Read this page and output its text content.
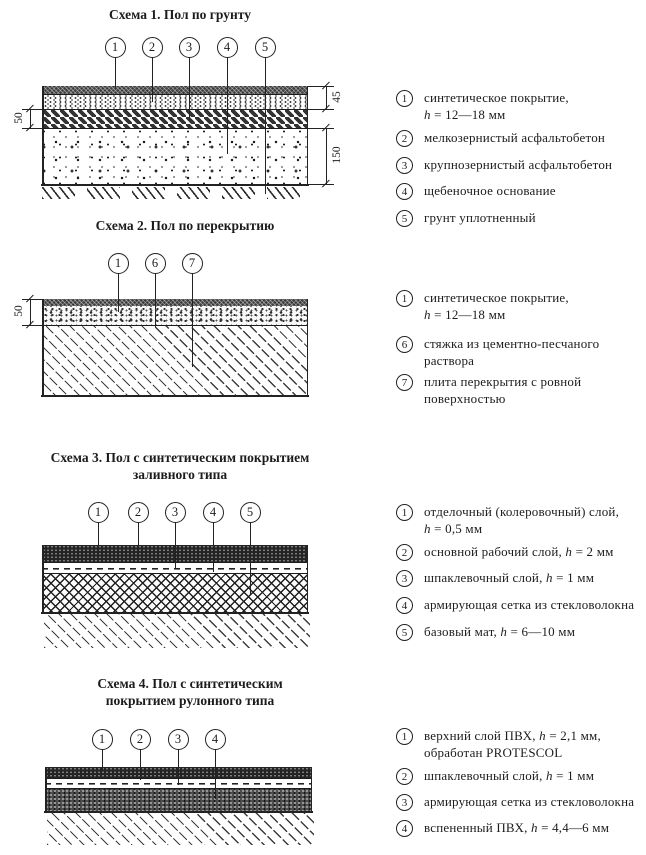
Схема 1. Пол по грунту
1	2	3	4	5
45
150
50
1	синтетическое покрытие,
h = 12—18 мм
2	мелкозернистый асфальтобетон
3	крупнозернистый асфальтобетон
4	щебеночное основание
5	грунт уплотненный
Схема 2. Пол по перекрытию
1	6	7
50
1	синтетическое покрытие,
h = 12—18 мм
6	стяжка из цементно-песчаного
раствора
7	плита перекрытия с ровной
поверхностью
Схема 3. Пол с синтетическим покрытием
заливного типа
1	2	3	4	5	1	отделочный (колеровочный) слой,
h = 0,5 мм
2	основной рабочий слой, h = 2 мм
3	шпаклевочный слой, h = 1 мм
4	армирующая сетка из стекловолокна
5	базовый мат, h = 6—10 мм
Схема 4. Пол с синтетическим
покрытием рулонного типа
1	2	3	4	1	верхний слой ПВХ, h = 2,1 мм,
обработан PROTESCOL
2	шпаклевочный слой, h = 1 мм
3	армирующая сетка из стекловолокна
4	вспененный ПВХ, h = 4,4—6 мм
